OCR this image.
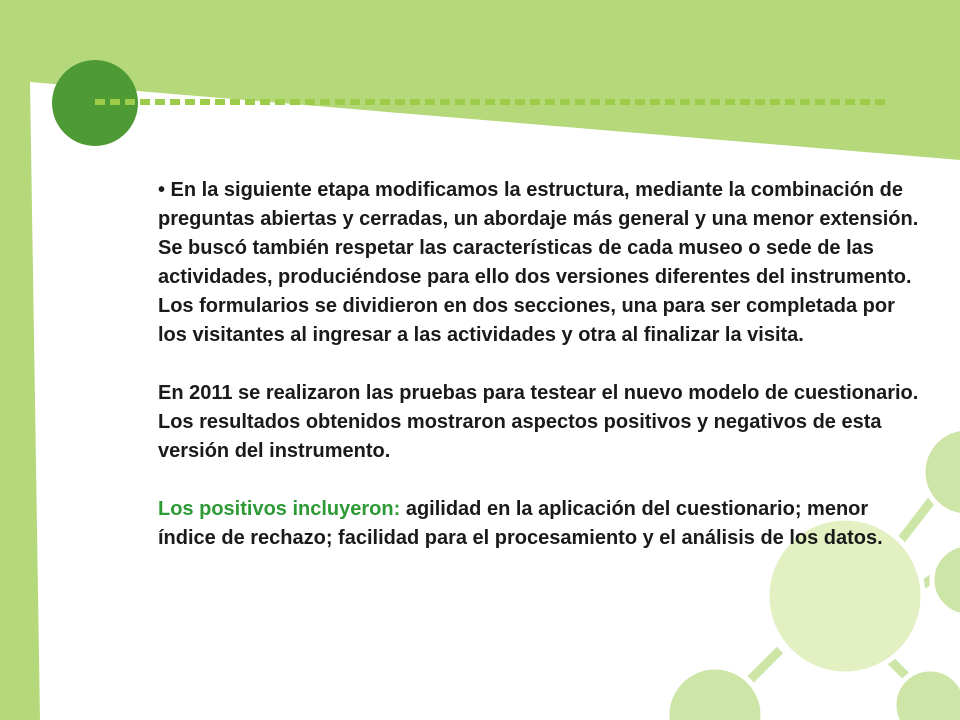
• En la siguiente etapa modificamos la estructura, mediante la combinación de preguntas abiertas y cerradas, un abordaje más general y una menor extensión. Se buscó también respetar las características de cada museo o sede de las actividades, produciéndose para ello dos versiones diferentes del instrumento. Los formularios se dividieron en dos secciones, una para ser completada por los visitantes al ingresar a las actividades y otra al finalizar la visita.

En 2011 se realizaron las pruebas para testear el nuevo modelo de cuestionario. Los resultados obtenidos mostraron aspectos positivos y negativos de esta versión del instrumento.

Los positivos incluyeron: agilidad en la aplicación del cuestionario; menor índice de rechazo; facilidad para el procesamiento y el análisis de los datos.
